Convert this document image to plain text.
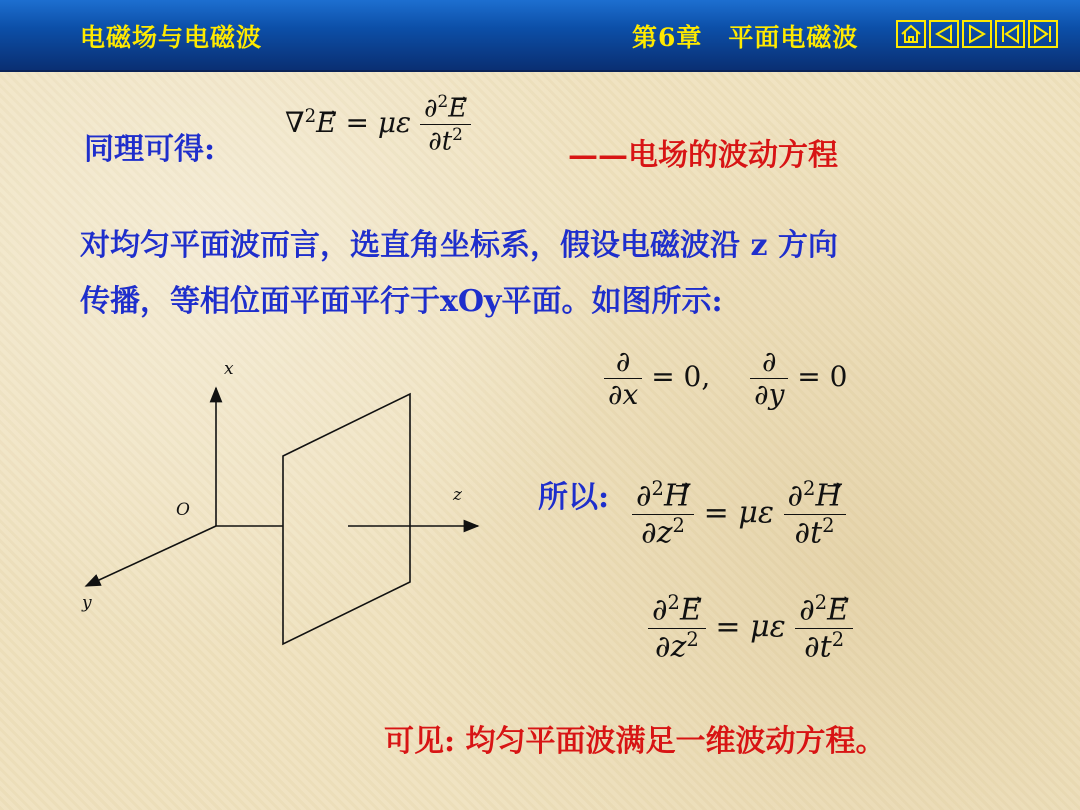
电磁场与电磁波	第6章　平面电磁波
同理可得:
∇$^2$E⃗ = με $\frac{\partial^2E}{\partial t^2}$	——电场的波动方程
对均匀平面波而言，选直角坐标系，假设电磁波沿 z 方向
传播，等相位面平面平行于xOy平面。如图所示:
x
y
z
O
$\frac{\partial}{\partial x} = 0$, $\frac{\partial}{\partial y} = 0$
所以: $\frac{\partial^2H}{\partial z^2} = \mu\varepsilon \frac{\partial^2H}{\partial t^2}$
$\frac{\partial^2E}{\partial z^2} = \mu\varepsilon \frac{\partial^2E}{\partial t^2}$
可见: 均匀平面波满足一维波动方程。
